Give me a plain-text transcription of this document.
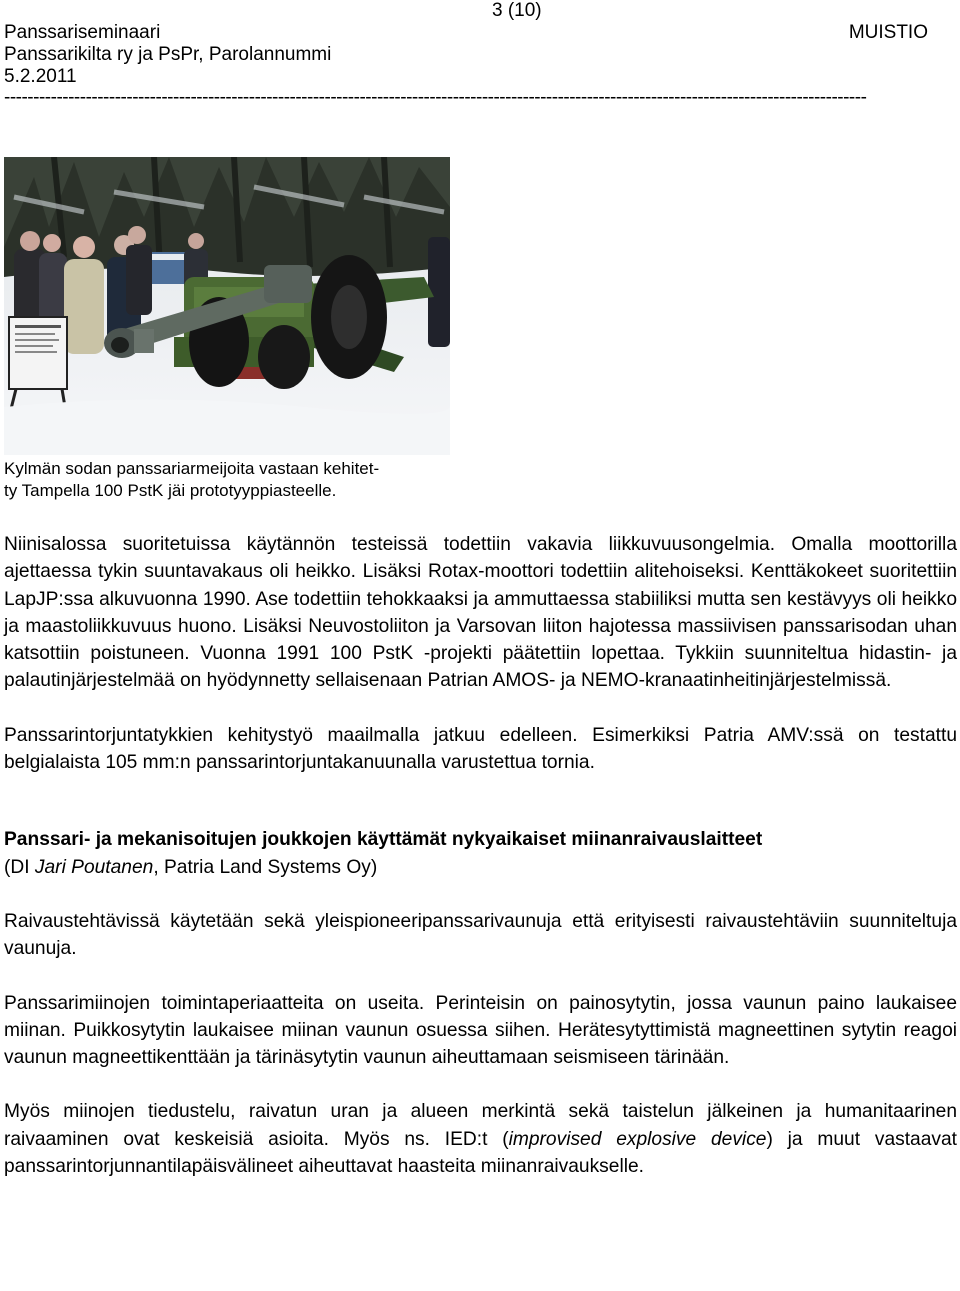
3 (10)
Panssariseminaari	MUISTIO
Panssarikilta ry ja PsPr, Parolannummi
5.2.2011
----------------------------------------------------------------------------------------------------------------------------------------------------
Kylmän sodan panssariarmeijoita vastaan kehitet-
ty Tampella 100 PstK jäi prototyyppiasteelle.

Niinisalossa suoritetuissa käytännön testeissä todettiin vakavia liikkuvuusongelmia. Omalla moottorilla ajettaessa tykin suuntavakaus oli heikko. Lisäksi Rotax-moottori todettiin alitehoiseksi. Kenttäkokeet suoritettiin LapJP:ssa alkuvuonna 1990. Ase todettiin tehokkaaksi ja ammuttaessa stabiiliksi mutta sen kestävyys oli heikko ja maastoliikkuvuus huono. Lisäksi Neuvostoliiton ja Varsovan liiton hajotessa massiivisen panssarisodan uhan katsottiin poistuneen. Vuonna 1991 100 PstK -projekti päätettiin lopettaa. Tykkiin suunniteltua hidastin- ja palautinjärjestelmää on hyödynnetty sellaisenaan Patrian AMOS- ja NEMO-kranaatinheitinjärjestelmissä.

Panssarintorjuntatykkien kehitystyö maailmalla jatkuu edelleen. Esimerkiksi Patria AMV:ssä on testattu belgialaista 105 mm:n panssarintorjuntakanuunalla varustettua tornia.

Panssari- ja mekanisoitujen joukkojen käyttämät nykyaikaiset miinanraivauslaitteet

(DI Jari Poutanen, Patria Land Systems Oy)

Raivaustehtävissä käytetään sekä yleispioneeripanssarivaunuja että erityisesti raivaustehtäviin suunniteltuja vaunuja.

Panssarimiinojen toimintaperiaatteita on useita. Perinteisin on painosytytin, jossa vaunun paino laukaisee miinan. Puikkosytytin laukaisee miinan vaunun osuessa siihen. Herätesytyttimistä magneettinen sytytin reagoi vaunun magneettikenttään ja tärinäsytytin vaunun aiheuttamaan seismiseen tärinään.

Myös miinojen tiedustelu, raivatun uran ja alueen merkintä sekä taistelun jälkeinen ja humanitaarinen raivaaminen ovat keskeisiä asioita. Myös ns. IED:t (improvised explosive device) ja muut vastaavat panssarintorjunnantilapäisvälineet aiheuttavat haasteita miinanraivaukselle.
